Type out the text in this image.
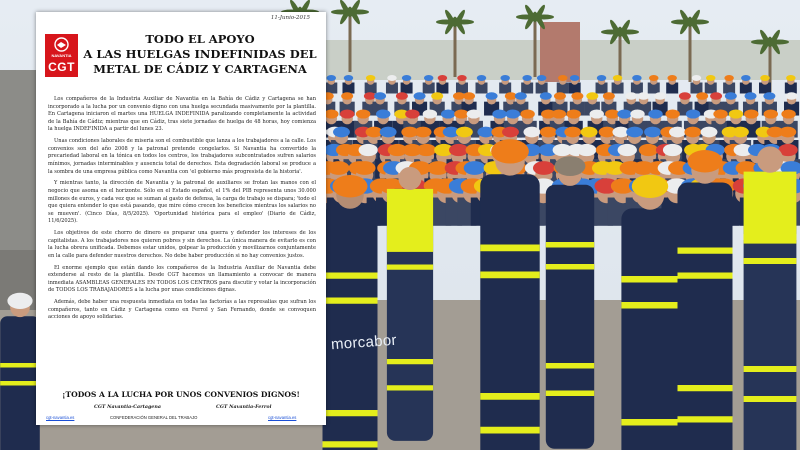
11-Junio-2015
NAVANTIA
CGT
TODO EL APOYO
A LAS HUELGAS INDEFINIDAS DEL
METAL DE CÁDIZ Y CARTAGENA

Los compañeros de la Industria Auxiliar de Navantia en la Bahía de Cádiz y Cartagena se han incorporado a la lucha por un convenio digno con una huelga secundada masivamente por la plantilla. En Cartagena iniciaron el martes una HUELGA INDEFINIDA paralizando completamente la actividad de la Bahía de Cádiz; mientras que en Cádiz, tras siete jornadas de huelga de 48 horas, hoy comienza la huelga INDEFINIDA a partir del lunes 23.

Unas condiciones laborales de miseria son el combustible que lanza a los trabajadores a la calle. Los convenios son del año 2008 y la patronal pretende congelarlos. Si Navantia ha convertido la precariedad laboral en la tónica en todos los centros, los trabajadores subcontratados sufren salarios mínimos, jornadas interminables y ausencia total de derechos. Esta degradación laboral se produce a la sombra de una empresa pública como Navantia con 'el gobierno más progresista de la historia'.

Y mientras tanto, la dirección de Navantia y la patronal de auxiliares se frotan las manos con el negocio que asoma en el horizonte. Sólo en el Estado español, el 1% del PIB representa unos 30.000 millones de euros, y cada vez que se suman al gasto de defensa, la carga de trabajo se dispara; 'todo el que quiera entender lo que está pasando, que mire cómo crecen los beneficios mientras los salarios no se mueven'. (Cinco Días, 8/5/2025). 'Oportunidad histórica para el empleo' (Diario de Cádiz, 11/6/2025).

Los objetivos de este chorro de dinero es preparar una guerra y defender los intereses de los capitalistas. A los trabajadores nos quieren pobres y sin derechos. La única manera de evitarlo es con la lucha obrera unificada. Debemos estar unidos, golpear la producción y movilizarnos conjuntamente en la calle para defender nuestros derechos. No debe haber producción si no hay convenios justos.

El enorme ejemplo que están dando los compañeros de la Industria Auxiliar de Navantia debe extenderse al resto de la plantilla. Desde CGT hacemos un llamamiento a convocar de manera inmediata ASAMBLEAS GENERALES EN TODOS LOS CENTROS para discutir y votar la incorporación de TODOS LOS TRABAJADORES a la lucha por unas condiciones dignas.

Además, debe haber una respuesta inmediata en todas las factorías a las represalias que sufran los compañeros, tanto en Cádiz y Cartagena como en Ferrol y San Fernando, donde se convoquen acciones de apoyo solidarias.

¡TODOS A LA LUCHA POR UNOS CONVENIOS DIGNOS!
CGT Navantia-Cartagena	CGT Navantia-Ferrol
cgt-navantia.es	CONFEDERACIÓN GENERAL DEL TRABAJO	cgt-navantia.es
morcabor
